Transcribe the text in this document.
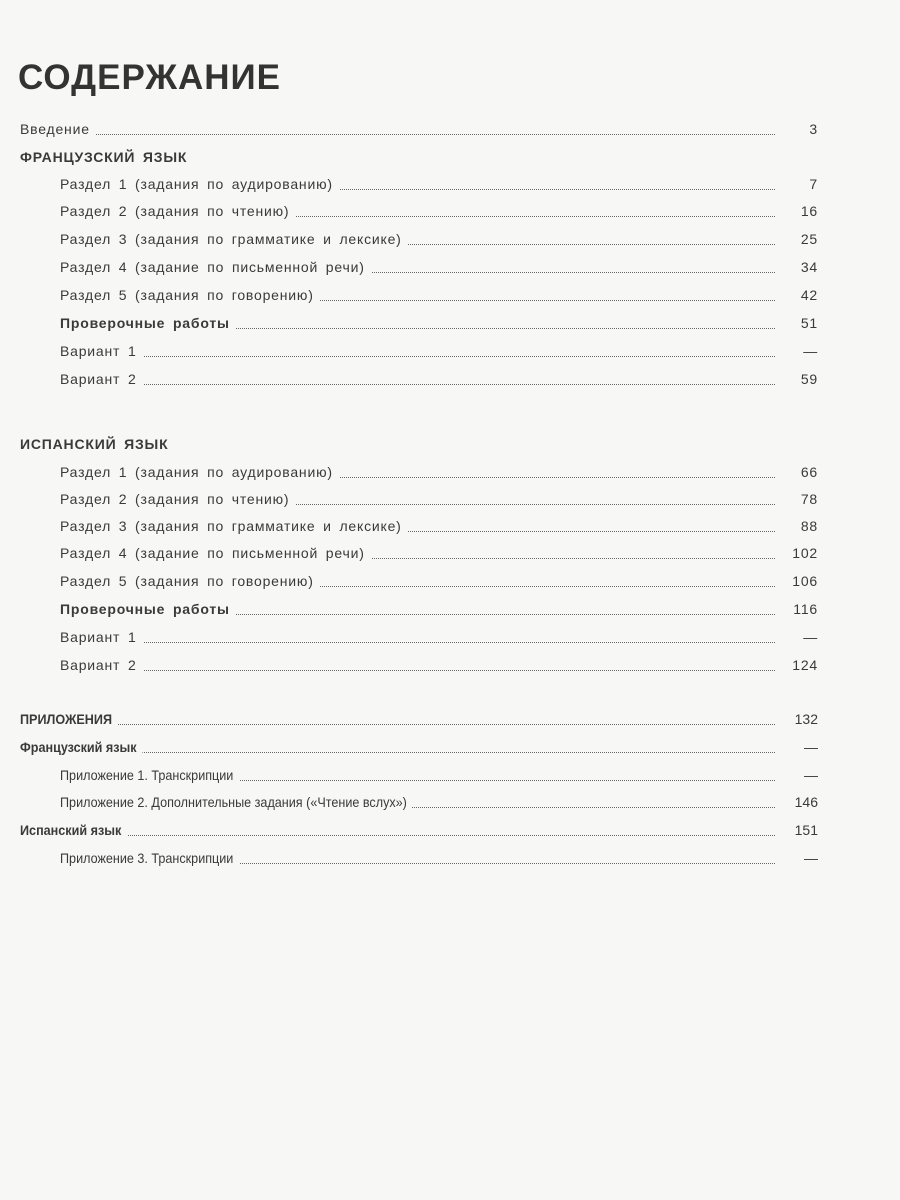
СОДЕРЖАНИЕ
Введение	3
ФРАНЦУЗСКИЙ ЯЗЫК
Раздел 1 (задания по аудированию)	7
Раздел 2 (задания по чтению)	16
Раздел 3 (задания по грамматике и лексике)	25
Раздел 4 (задание по письменной речи)	34
Раздел 5 (задания по говорению)	42
Проверочные работы	51
Вариант 1	—
Вариант 2	59
ИСПАНСКИЙ ЯЗЫК
Раздел 1 (задания по аудированию)	66
Раздел 2 (задания по чтению)	78
Раздел 3 (задания по грамматике и лексике)	88
Раздел 4 (задание по письменной речи)	102
Раздел 5 (задания по говорению)	106
Проверочные работы	116
Вариант 1	—
Вариант 2	124
ПРИЛОЖЕНИЯ	132
Французский язык	—
Приложение 1. Транскрипции	—
Приложение 2. Дополнительные задания («Чтение вслух»)	146
Испанский язык	151
Приложение 3. Транскрипции	—
